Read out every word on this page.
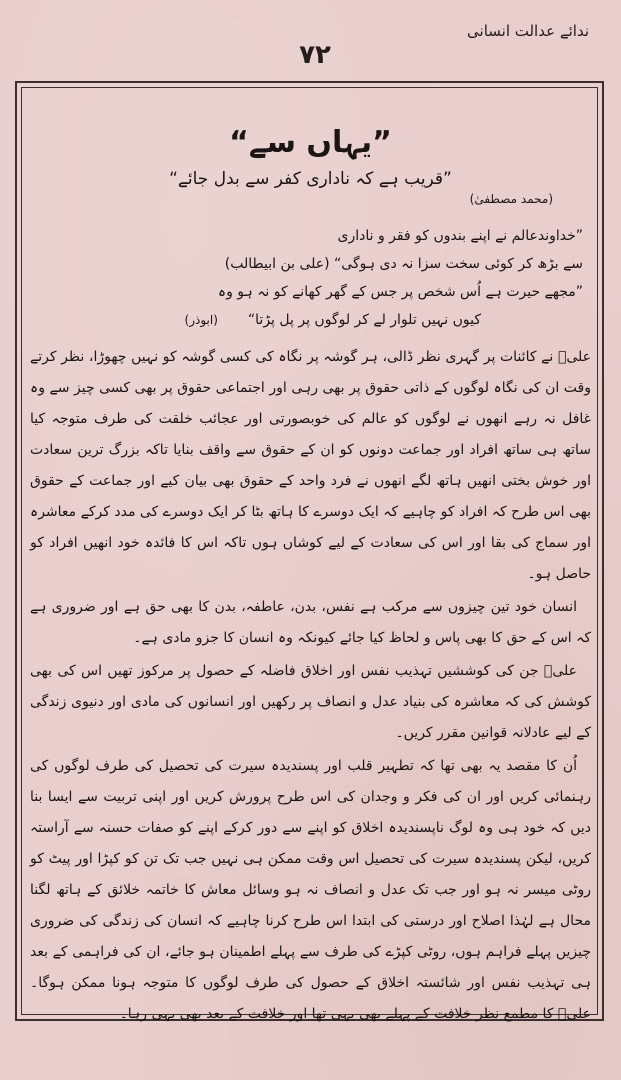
ندائے عدالت انسانی
۷۲
”یہاں سے“

”قریب ہے کہ ناداری کفر سے بدل جائے“

(محمد مصطفیٰ)

”خداوندعالم نے اپنے بندوں کو فقر و ناداری

سے بڑھ کر کوئی سخت سزا نہ دی ہوگی“ (علی بن ابیطالب)

”مجھے حیرت ہے اُس شخص پر جس کے گھر کھانے کو نہ ہو وہ

کیوں نہیں تلوار لے کر لوگوں پر پل پڑتا“(ابوذر)

علیؑ نے کائنات پر گہری نظر ڈالی، ہر گوشہ پر نگاہ کی کسی گوشہ کو نہیں چھوڑا، نظر کرتے وقت ان کی نگاہ لوگوں کے ذاتی حقوق پر بھی رہی اور اجتماعی حقوق پر بھی کسی چیز سے وہ غافل نہ رہے انھوں نے لوگوں کو عالم کی خوبصورتی اور عجائب خلقت کی طرف متوجہ کیا ساتھ ہی ساتھ افراد اور جماعت دونوں کو ان کے حقوق سے واقف بنایا تاکہ بزرگ ترین سعادت اور خوش بختی انھیں ہاتھ لگے انھوں نے فرد واحد کے حقوق بھی بیان کیے اور جماعت کے حقوق بھی اس طرح کہ افراد کو چاہیے کہ ایک دوسرے کا ہاتھ بٹا کر ایک دوسرے کی مدد کرکے معاشرہ اور سماج کی بقا اور اس کی سعادت کے لیے کوشاں ہوں تاکہ اس کا فائدہ خود انھیں افراد کو حاصل ہو۔

انسان خود تین چیزوں سے مرکب ہے نفس، بدن، عاطفہ، بدن کا بھی حق ہے اور ضروری ہے کہ اس کے حق کا بھی پاس و لحاظ کیا جائے کیونکہ وہ انسان کا جزو مادی ہے۔

علیؑ جن کی کوششیں تہذیب نفس اور اخلاق فاضلہ کے حصول پر مرکوز تھیں اس کی بھی کوشش کی کہ معاشرہ کی بنیاد عدل و انصاف پر رکھیں اور انسانوں کی مادی اور دنیوی زندگی کے لیے عادلانہ قوانین مقرر کریں۔

اُن کا مقصد یہ بھی تھا کہ تطہیر قلب اور پسندیدہ سیرت کی تحصیل کی طرف لوگوں کی رہنمائی کریں اور ان کی فکر و وجدان کی اس طرح پرورش کریں اور اپنی تربیت سے ایسا بنا دیں کہ خود ہی وہ لوگ ناپسندیدہ اخلاق کو اپنے سے دور کرکے اپنے کو صفات حسنہ سے آراستہ کریں، لیکن پسندیدہ سیرت کی تحصیل اس وقت ممکن ہی نہیں جب تک تن کو کپڑا اور پیٹ کو روٹی میسر نہ ہو اور جب تک عدل و انصاف نہ ہو وسائل معاش کا خاتمہ خلائق کے ہاتھ لگنا محال ہے لہٰذا اصلاح اور درستی کی ابتدا اس طرح کرنا چاہیے کہ انسان کی زندگی کی ضروری چیزیں پہلے فراہم ہوں، روٹی کپڑے کی طرف سے پہلے اطمینان ہو جائے، ان کی فراہمی کے بعد ہی تہذیب نفس اور شائستہ اخلاق کے حصول کی طرف لوگوں کا متوجہ ہونا ممکن ہوگا۔ علیؑ کا مطمع نظر خلافت کے پہلے بھی یہی تھا اور خلافت کے بعد بھی یہی رہا۔
